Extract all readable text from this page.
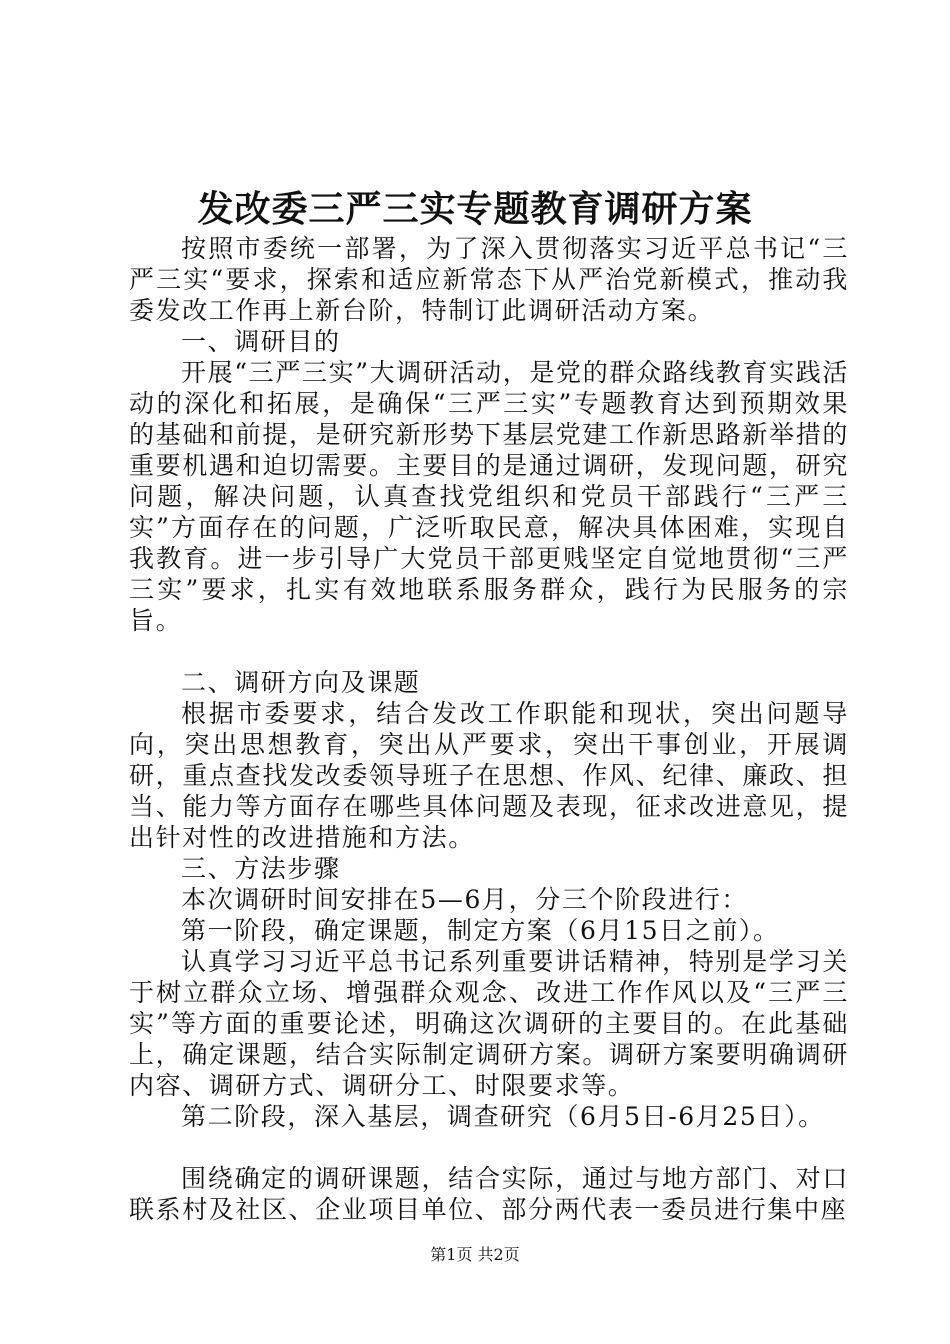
发改委三严三实专题教育调研方案

按照市委统一部署，为了深入贯彻落实习近平总书记“三严三实“要求，探索和适应新常态下从严治党新模式，推动我委发改工作再上新台阶，特制订此调研活动方案。

一、调研目的

开展“三严三实”大调研活动，是党的群众路线教育实践活动的深化和拓展，是确保“三严三实”专题教育达到预期效果的基础和前提，是研究新形势下基层党建工作新思路新举措的重要机遇和迫切需要。主要目的是通过调研，发现问题，研究问题，解决问题，认真查找党组织和党员干部践行“三严三实”方面存在的问题，广泛听取民意，解决具体困难，实现自我教育。进一步引导广大党员干部更贱坚定自觉地贯彻“三严三实”要求，扎实有效地联系服务群众，践行为民服务的宗旨。

二、调研方向及课题

根据市委要求，结合发改工作职能和现状，突出问题导向，突出思想教育，突出从严要求，突出干事创业，开展调研，重点查找发改委领导班子在思想、作风、纪律、廉政、担当、能力等方面存在哪些具体问题及表现，征求改进意见，提出针对性的改进措施和方法。

三、方法步骤

本次调研时间安排在5—6月，分三个阶段进行：

第一阶段，确定课题，制定方案（6月15日之前）。

认真学习习近平总书记系列重要讲话精神，特别是学习关于树立群众立场、增强群众观念、改进工作作风以及“三严三实”等方面的重要论述，明确这次调研的主要目的。在此基础上，确定课题，结合实际制定调研方案。调研方案要明确调研内容、调研方式、调研分工、时限要求等。

第二阶段，深入基层，调查研究（6月5日-6月25日）。

围绕确定的调研课题，结合实际，通过与地方部门、对口联系村及社区、企业项目单位、部分两代表一委员进行集中座

第1页 共2页
